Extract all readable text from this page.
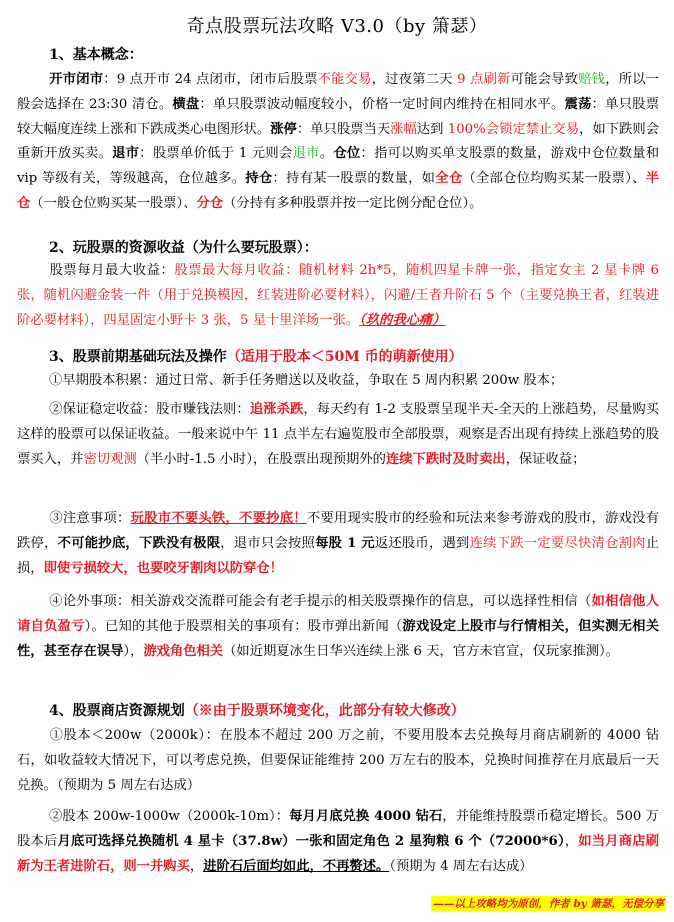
奇点股票玩法攻略 V3.0（by 箫瑟）
1、基本概念：
开市闭市：9 点开市 24 点闭市，闭市后股票不能交易，过夜第二天 9 点刷新可能会导致赔钱，所以一般会选择在 23:30 清仓。横盘：单只股票波动幅度较小，价格一定时间内维持在相同水平。震荡：单只股票较大幅度连续上涨和下跌成类心电图形状。涨停：单只股票当天涨幅达到 100%会锁定禁止交易，如下跌则会重新开放买卖。退市：股票单价低于 1 元则会退市。仓位：指可以购买单支股票的数量，游戏中仓位数量和 vip 等级有关，等级越高，仓位越多。持仓：持有某一股票的数量，如全仓（全部仓位均购买某一股票）、半仓（一般仓位购买某一股票）、分仓（分持有多种股票并按一定比例分配仓位）。
2、玩股票的资源收益（为什么要玩股票）：
股票每月最大收益：股票最大每月收益：随机材料 2h*5，随机四星卡牌一张，指定女主 2 星卡牌 6 张，随机闪避金装一件（用于兑换模因，红装进阶必要材料），闪避/王者升阶石 5 个（主要兑换王者，红装进阶必要材料），四星固定小野卡 3 张，5 星十里洋场一张。（玖的我心痛）
3、股票前期基础玩法及操作（适用于股本＜50M 币的萌新使用）
①早期股本积累：通过日常、新手任务赠送以及收益，争取在 5 周内积累 200w 股本；
②保证稳定收益：股市赚钱法则：追涨杀跌，每天约有 1-2 支股票呈现半天-全天的上涨趋势，尽量购买这样的股票可以保证收益。一般来说中午 11 点半左右遍览股市全部股票，观察是否出现有持续上涨趋势的股票买入，并密切观测（半小时-1.5 小时），在股票出现预期外的连续下跌时及时卖出，保证收益；
③注意事项：玩股市不要头铁，不要抄底！不要用现实股市的经验和玩法来参考游戏的股市，游戏没有跌停，不可能抄底，下跌没有极限，退市只会按照每股 1 元返还股币，遇到连续下跌一定要尽快清仓割肉止损，即使亏损较大，也要咬牙割肉以防穿仓！
④论外事项：相关游戏交流群可能会有老手提示的相关股票操作的信息，可以选择性相信（如相信他人请自负盈亏）。已知的其他于股票相关的事项有：股市弹出新闻（游戏设定上股市与行情相关，但实测无相关性，甚至存在误导），游戏角色相关（如近期夏冰生日华兴连续上涨 6 天，官方未官宣，仅玩家推测）。
4、股票商店资源规划（※由于股票环境变化，此部分有较大修改）
①股本＜200w（2000k）：在股本不超过 200 万之前，不要用股本去兑换每月商店刷新的 4000 钻石，如收益较大情况下，可以考虑兑换，但要保证能维持 200 万左右的股本，兑换时间推荐在月底最后一天兑换。（预期为 5 周左右达成）
②股本 200w-1000w（2000k-10m）：每月月底兑换 4000 钻石，并能维持股票币稳定增长。500 万股本后月底可选择兑换随机 4 星卡（37.8w）一张和固定角色 2 星狗粮 6 个（72000*6），如当月商店刷新为王者进阶石，则一并购买，进阶石后面均如此，不再赘述。（预期为 4 周左右达成）
——以上攻略均为原创，作者 by 箫瑟，无偿分享
